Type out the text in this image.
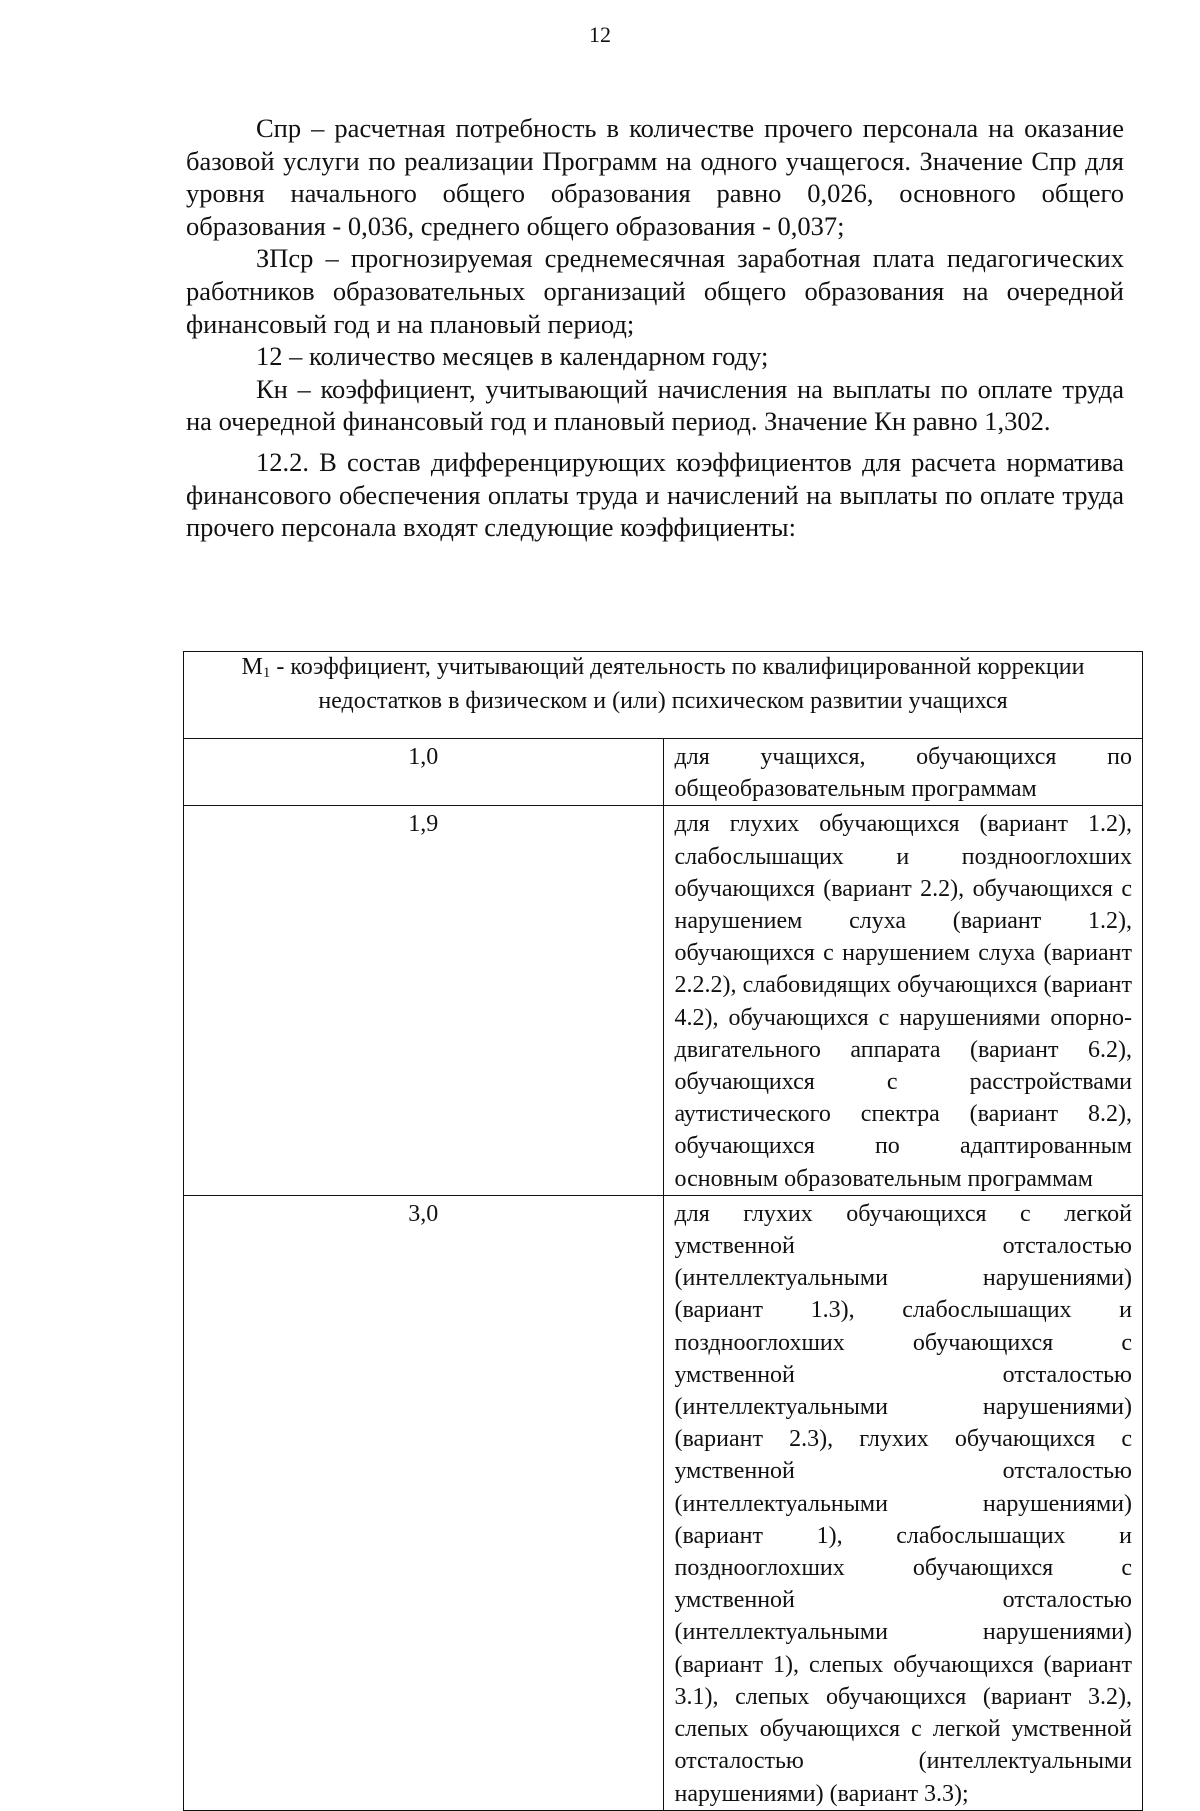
12

Спр – расчетная потребность в количестве прочего персонала на оказание базовой услуги по реализации Программ на одного учащегося. Значение Спр для уровня начального общего образования равно 0,026, основного общего образования - 0,036, среднего общего образования - 0,037;

ЗПср – прогнозируемая среднемесячная заработная плата педагогических работников образовательных организаций общего образования на очередной финансовый год и на плановый период;

12 – количество месяцев в календарном году;

Кн – коэффициент, учитывающий начисления на выплаты по оплате труда на очередной финансовый год и плановый период. Значение Кн равно 1,302.

12.2. В состав дифференцирующих коэффициентов для расчета норматива финансового обеспечения оплаты труда и начислений на выплаты по оплате труда прочего персонала входят следующие коэффициенты:

$М_1$ - коэффициент, учитывающий деятельность по квалифицированной коррекции недостатков в физическом и (или) психическом развитии учащихся	
1,0	для учащихся, обучающихся по общеобразовательным программам
1,9	для глухих обучающихся (вариант 1.2), слабослышащих и позднооглохших обучающихся (вариант 2.2), обучающихся с нарушением слуха (вариант 1.2), обучающихся с нарушением слуха (вариант 2.2.2), слабовидящих обучающихся (вариант 4.2), обучающихся с нарушениями опорно-двигательного аппарата (вариант 6.2), обучающихся с расстройствами аутистического спектра (вариант 8.2), обучающихся по адаптированным основным образовательным программам
3,0	для глухих обучающихся с легкой умственной отсталостью (интеллектуальными нарушениями) (вариант 1.3), слабослышащих и позднооглохших обучающихся с умственной отсталостью (интеллектуальными нарушениями) (вариант 2.3), глухих обучающихся с умственной отсталостью (интеллектуальными нарушениями) (вариант 1), слабослышащих и позднооглохших обучающихся с умственной отсталостью (интеллектуальными нарушениями) (вариант 1), слепых обучающихся (вариант 3.1), слепых обучающихся (вариант 3.2), слепых обучающихся с легкой умственной отсталостью (интеллектуальными нарушениями) (вариант 3.3);
